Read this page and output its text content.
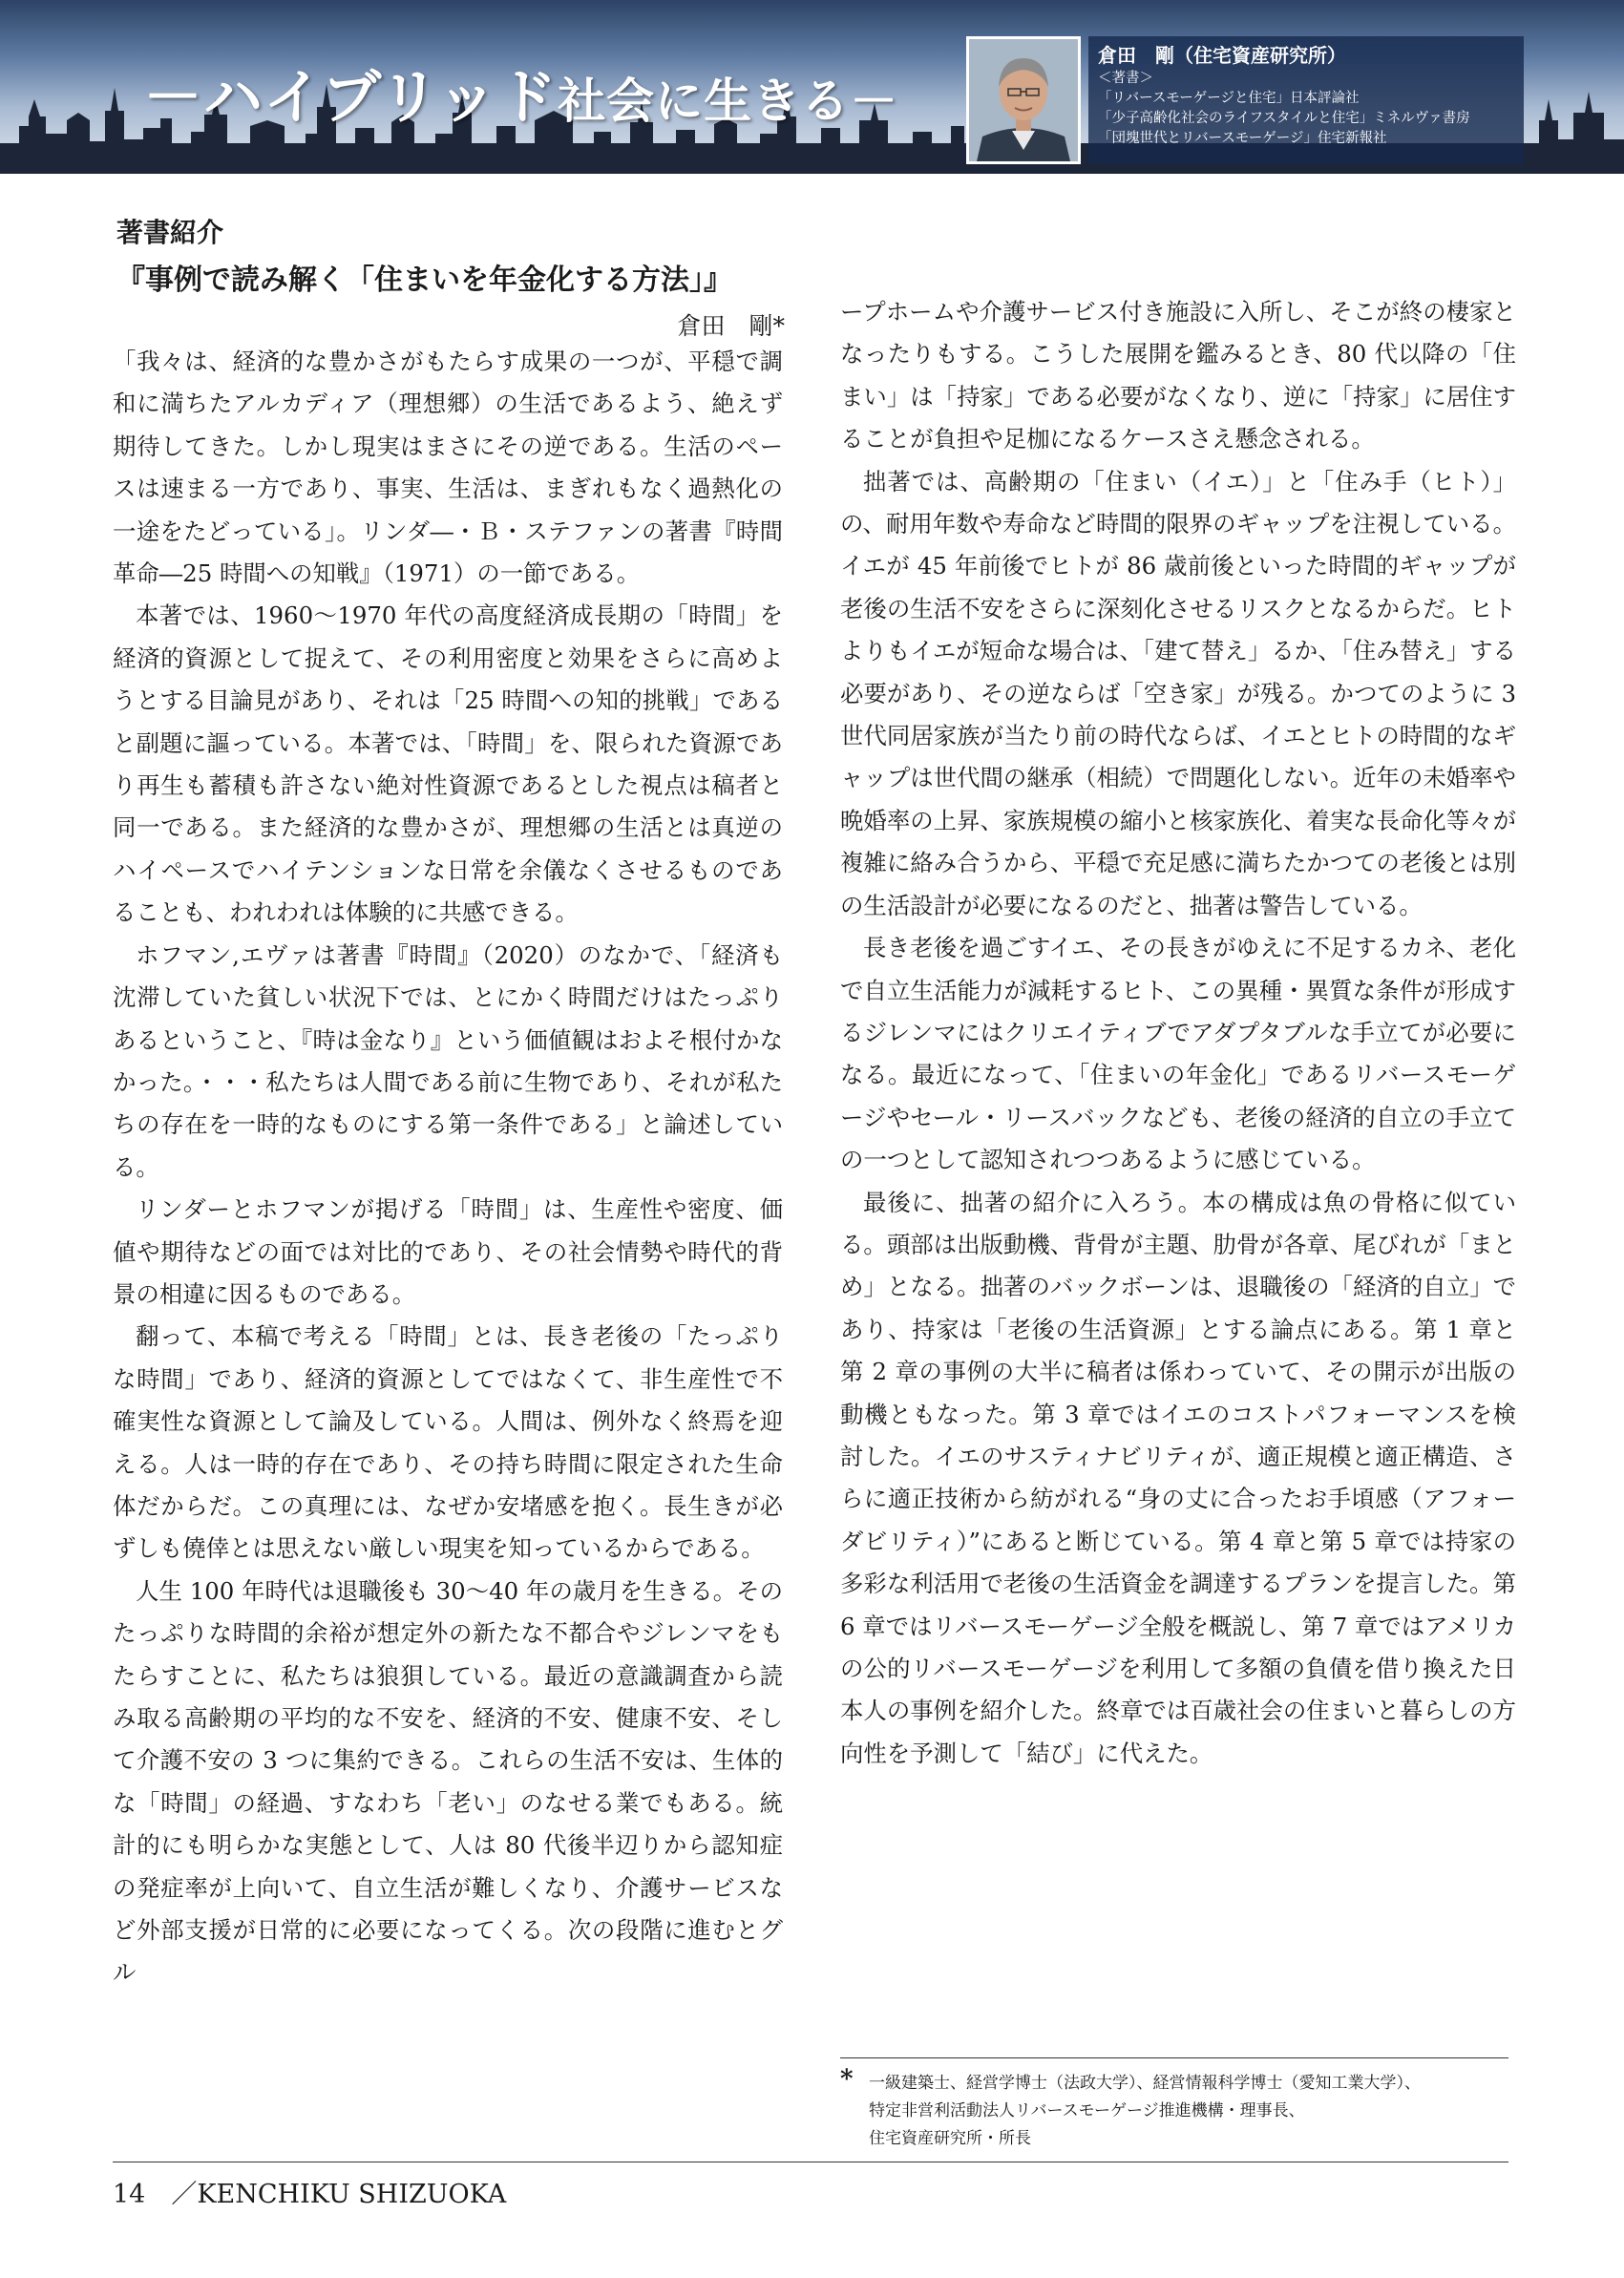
－ハイブリッド社会に生きる－
倉田　剛（住宅資産研究所）
＜著書＞
「リバースモーゲージと住宅」日本評論社
「少子高齢化社会のライフスタイルと住宅」ミネルヴァ書房
「団塊世代とリバースモーゲージ」住宅新報社
著書紹介
『事例で読み解く「住まいを年金化する方法」』
倉田　剛*

「我々は、経済的な豊かさがもたらす成果の一つが、平穏で調和に満ちたアルカディア（理想郷）の生活であるよう、絶えず期待してきた。しかし現実はまさにその逆である。生活のペースは速まる一方であり、事実、生活は、まぎれもなく過熱化の一途をたどっている」。リンダ―・Ｂ・ステファンの著書『時間革命―25 時間への知戦』（1971）の一節である。

本著では、1960～1970 年代の高度経済成長期の「時間」を経済的資源として捉えて、その利用密度と効果をさらに高めようとする目論見があり、それは「25 時間への知的挑戦」であると副題に謳っている。本著では、「時間」を、限られた資源であり再生も蓄積も許さない絶対性資源であるとした視点は稿者と同一である。また経済的な豊かさが、理想郷の生活とは真逆のハイペースでハイテンションな日常を余儀なくさせるものであることも、われわれは体験的に共感できる。

ホフマン,エヴァは著書『時間』（2020）のなかで、「経済も沈滞していた貧しい状況下では、とにかく時間だけはたっぷりあるということ、『時は金なり』という価値観はおよそ根付かなかった。・・・私たちは人間である前に生物であり、それが私たちの存在を一時的なものにする第一条件である」と論述している。

リンダーとホフマンが掲げる「時間」は、生産性や密度、価値や期待などの面では対比的であり、その社会情勢や時代的背景の相違に因るものである。

翻って、本稿で考える「時間」とは、長き老後の「たっぷりな時間」であり、経済的資源としてではなくて、非生産性で不確実性な資源として論及している。人間は、例外なく終焉を迎える。人は一時的存在であり、その持ち時間に限定された生命体だからだ。この真理には、なぜか安堵感を抱く。長生きが必ずしも僥倖とは思えない厳しい現実を知っているからである。

人生 100 年時代は退職後も 30～40 年の歳月を生きる。そのたっぷりな時間的余裕が想定外の新たな不都合やジレンマをもたらすことに、私たちは狼狽している。最近の意識調査から読み取る高齢期の平均的な不安を、経済的不安、健康不安、そして介護不安の 3 つに集約できる。これらの生活不安は、生体的な「時間」の経過、すなわち「老い」のなせる業でもある。統計的にも明らかな実態として、人は 80 代後半辺りから認知症の発症率が上向いて、自立生活が難しくなり、介護サービスなど外部支援が日常的に必要になってくる。次の段階に進むとグル

ープホームや介護サービス付き施設に入所し、そこが終の棲家となったりもする。こうした展開を鑑みるとき、80 代以降の「住まい」は「持家」である必要がなくなり、逆に「持家」に居住することが負担や足枷になるケースさえ懸念される。

拙著では、高齢期の「住まい（イエ）」と「住み手（ヒト）」の、耐用年数や寿命など時間的限界のギャップを注視している。イエが 45 年前後でヒトが 86 歳前後といった時間的ギャップが老後の生活不安をさらに深刻化させるリスクとなるからだ。ヒトよりもイエが短命な場合は、「建て替え」るか、「住み替え」する必要があり、その逆ならば「空き家」が残る。かつてのように 3 世代同居家族が当たり前の時代ならば、イエとヒトの時間的なギャップは世代間の継承（相続）で問題化しない。近年の未婚率や晩婚率の上昇、家族規模の縮小と核家族化、着実な長命化等々が複雑に絡み合うから、平穏で充足感に満ちたかつての老後とは別の生活設計が必要になるのだと、拙著は警告している。

長き老後を過ごすイエ、その長きがゆえに不足するカネ、老化で自立生活能力が減耗するヒト、この異種・異質な条件が形成するジレンマにはクリエイティブでアダプタブルな手立てが必要になる。最近になって、「住まいの年金化」であるリバースモーゲージやセール・リースバックなども、老後の経済的自立の手立ての一つとして認知されつつあるように感じている。

最後に、拙著の紹介に入ろう。本の構成は魚の骨格に似ている。頭部は出版動機、背骨が主題、肋骨が各章、尾びれが「まとめ」となる。拙著のバックボーンは、退職後の「経済的自立」であり、持家は「老後の生活資源」とする論点にある。第 1 章と第 2 章の事例の大半に稿者は係わっていて、その開示が出版の動機ともなった。第 3 章ではイエのコストパフォーマンスを検討した。イエのサスティナビリティが、適正規模と適正構造、さらに適正技術から紡がれる“身の丈に合ったお手頃感（アフォーダビリティ）”にあると断じている。第 4 章と第 5 章では持家の多彩な利活用で老後の生活資金を調達するプランを提言した。第 6 章ではリバースモーゲージ全般を概説し、第 7 章ではアメリカの公的リバースモーゲージを利用して多額の負債を借り換えた日本人の事例を紹介した。終章では百歳社会の住まいと暮らしの方向性を予測して「結び」に代えた。

* 一級建築士、経営学博士（法政大学）、経営情報科学博士（愛知工業大学）、
特定非営利活動法人リバースモーゲージ推進機構・理事長、
住宅資産研究所・所長
14　／KENCHIKU SHIZUOKA
